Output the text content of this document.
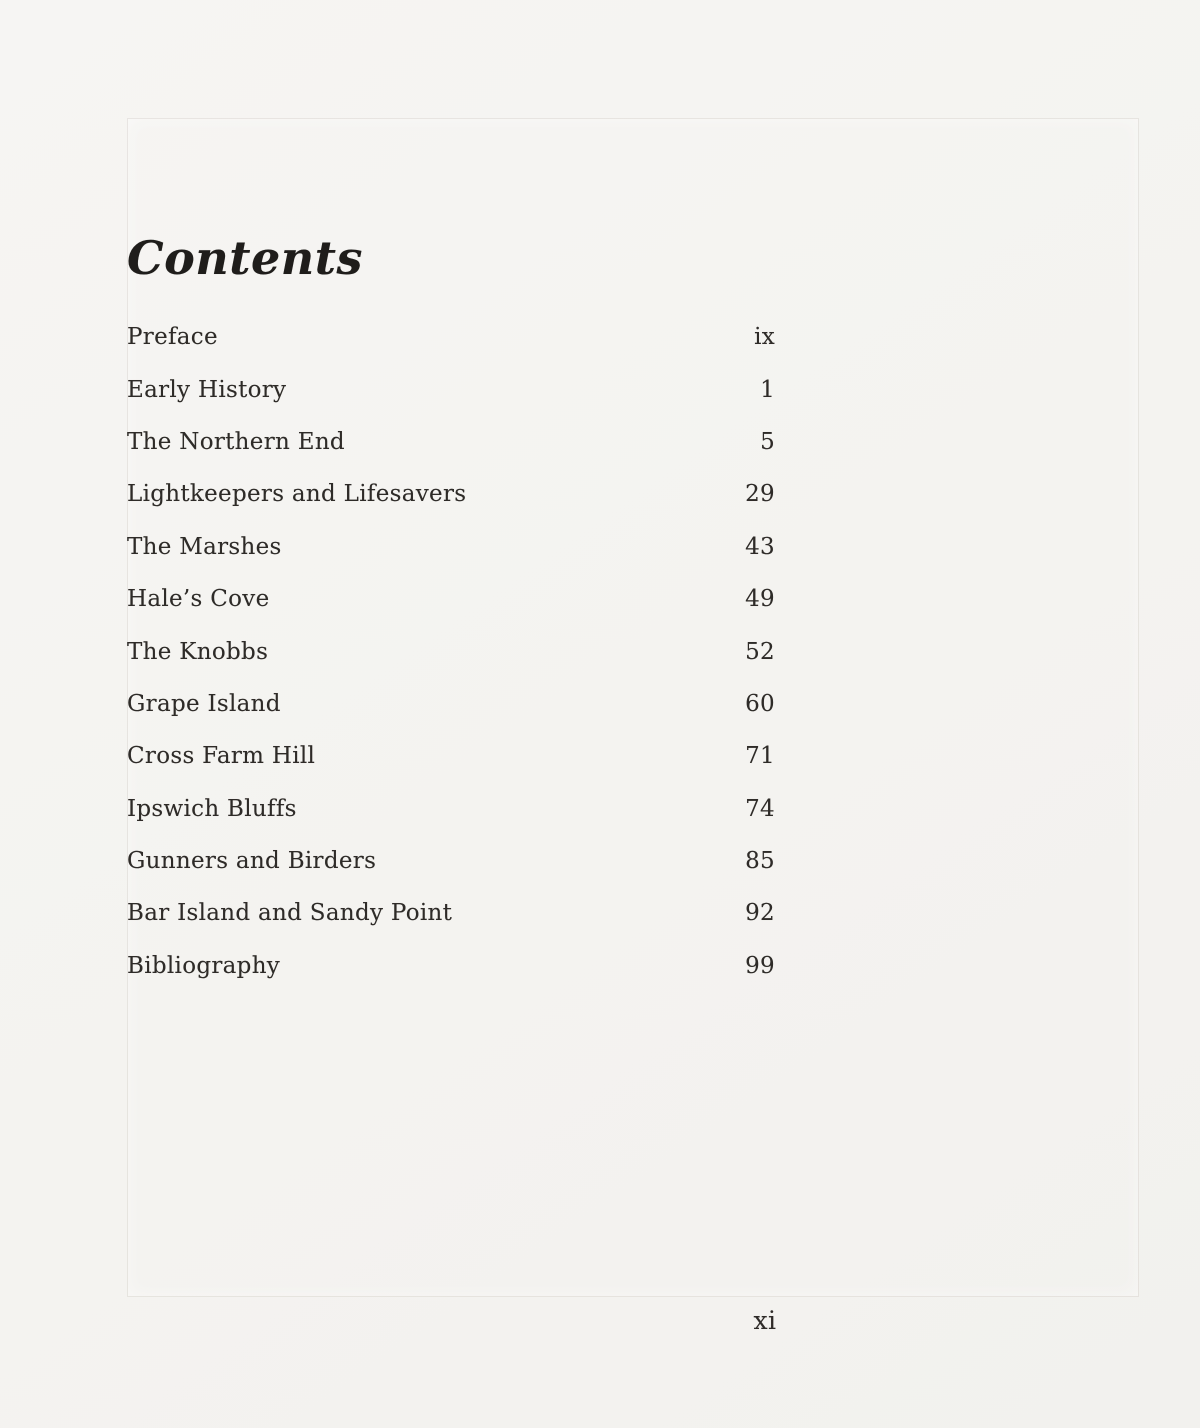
Contents
Preface	ix
Early History	1
The Northern End	5
Lightkeepers and Lifesavers	29
The Marshes	43
Hale’s Cove	49
The Knobbs	52
Grape Island	60
Cross Farm Hill	71
Ipswich Bluffs	74
Gunners and Birders	85
Bar Island and Sandy Point	92
Bibliography	99
xi
